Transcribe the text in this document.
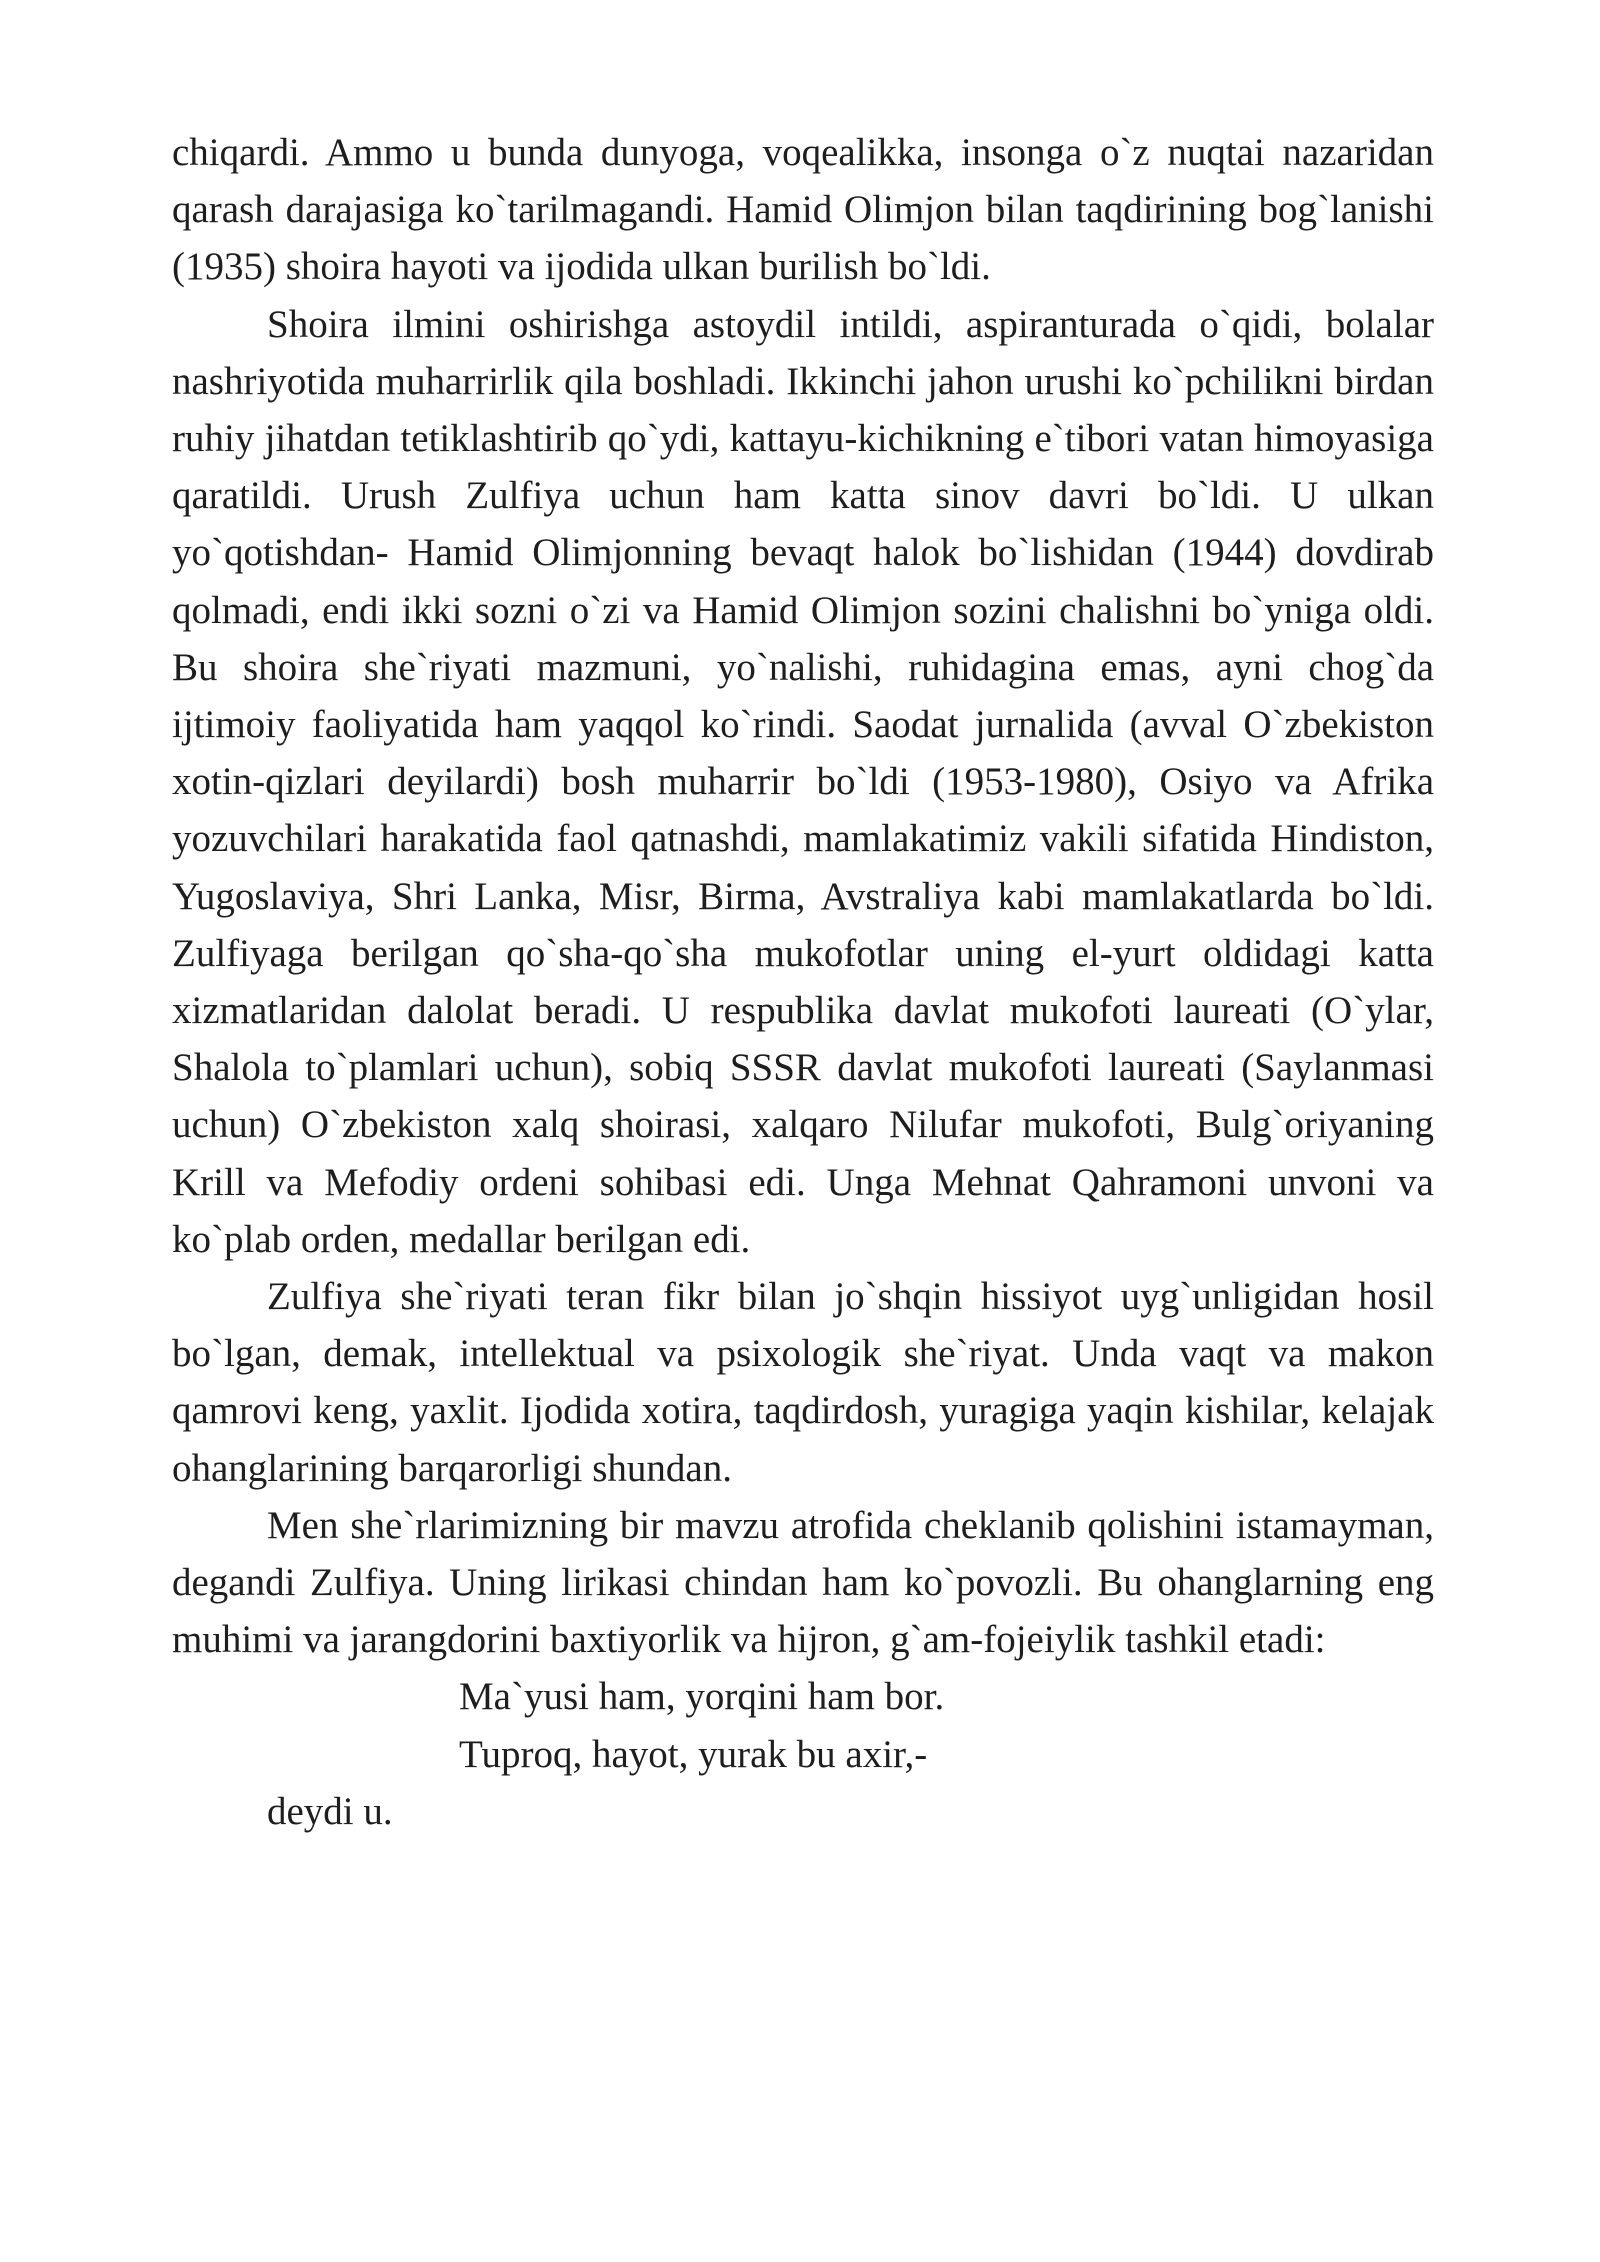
chiqardi. Ammo u bunda dunyoga, voqealikka, insonga o`z nuqtai nazaridan qarash darajasiga ko`tarilmagandi. Hamid Olimjon bilan taqdirining bog`lanishi (1935) shoira hayoti va ijodida ulkan burilish bo`ldi.

Shoira ilmini oshirishga astoydil intildi, aspiranturada o`qidi, bolalar nashriyotida muharrirlik qila boshladi. Ikkinchi jahon urushi ko`pchilikni birdan ruhiy jihatdan tetiklashtirib qo`ydi, kattayu-kichikning e`tibori vatan himoyasiga qaratildi. Urush Zulfiya uchun ham katta sinov davri bo`ldi. U ulkan yo`qotishdan- Hamid Olimjonning bevaqt halok bo`lishidan (1944) dovdirab qolmadi, endi ikki sozni o`zi va Hamid Olimjon sozini chalishni bo`yniga oldi. Bu shoira she`riyati mazmuni, yo`nalishi, ruhidagina emas, ayni chog`da ijtimoiy faoliyatida ham yaqqol ko`rindi. Saodat jurnalida (avval O`zbekiston xotin-qizlari deyilardi) bosh muharrir bo`ldi (1953-1980), Osiyo va Afrika yozuvchilari harakatida faol qatnashdi, mamlakatimiz vakili sifatida Hindiston, Yugoslaviya, Shri Lanka, Misr, Birma, Avstraliya kabi mamlakatlarda bo`ldi. Zulfiyaga berilgan qo`sha-qo`sha mukofotlar uning el-yurt oldidagi katta xizmatlaridan dalolat beradi. U respublika davlat mukofoti laureati (O`ylar, Shalola to`plamlari uchun), sobiq SSSR davlat mukofoti laureati (Saylanmasi uchun) O`zbekiston xalq shoirasi, xalqaro Nilufar mukofoti, Bulg`oriyaning Krill va Mefodiy ordeni sohibasi edi. Unga Mehnat Qahramoni unvoni va ko`plab orden, medallar berilgan edi.

Zulfiya she`riyati teran fikr bilan jo`shqin hissiyot uyg`unligidan hosil bo`lgan, demak, intellektual va psixologik she`riyat. Unda vaqt va makon qamrovi keng, yaxlit. Ijodida xotira, taqdirdosh, yuragiga yaqin kishilar, kelajak ohanglarining barqarorligi shundan.

Men she`rlarimizning bir mavzu atrofida cheklanib qolishini istamayman, degandi Zulfiya. Uning lirikasi chindan ham ko`povozli. Bu ohanglarning eng muhimi va jarangdorini baxtiyorlik va hijron, g`am-fojeiylik tashkil etadi:

Ma`yusi ham, yorqini ham bor.

Tuproq, hayot, yurak bu axir,-

deydi u.
